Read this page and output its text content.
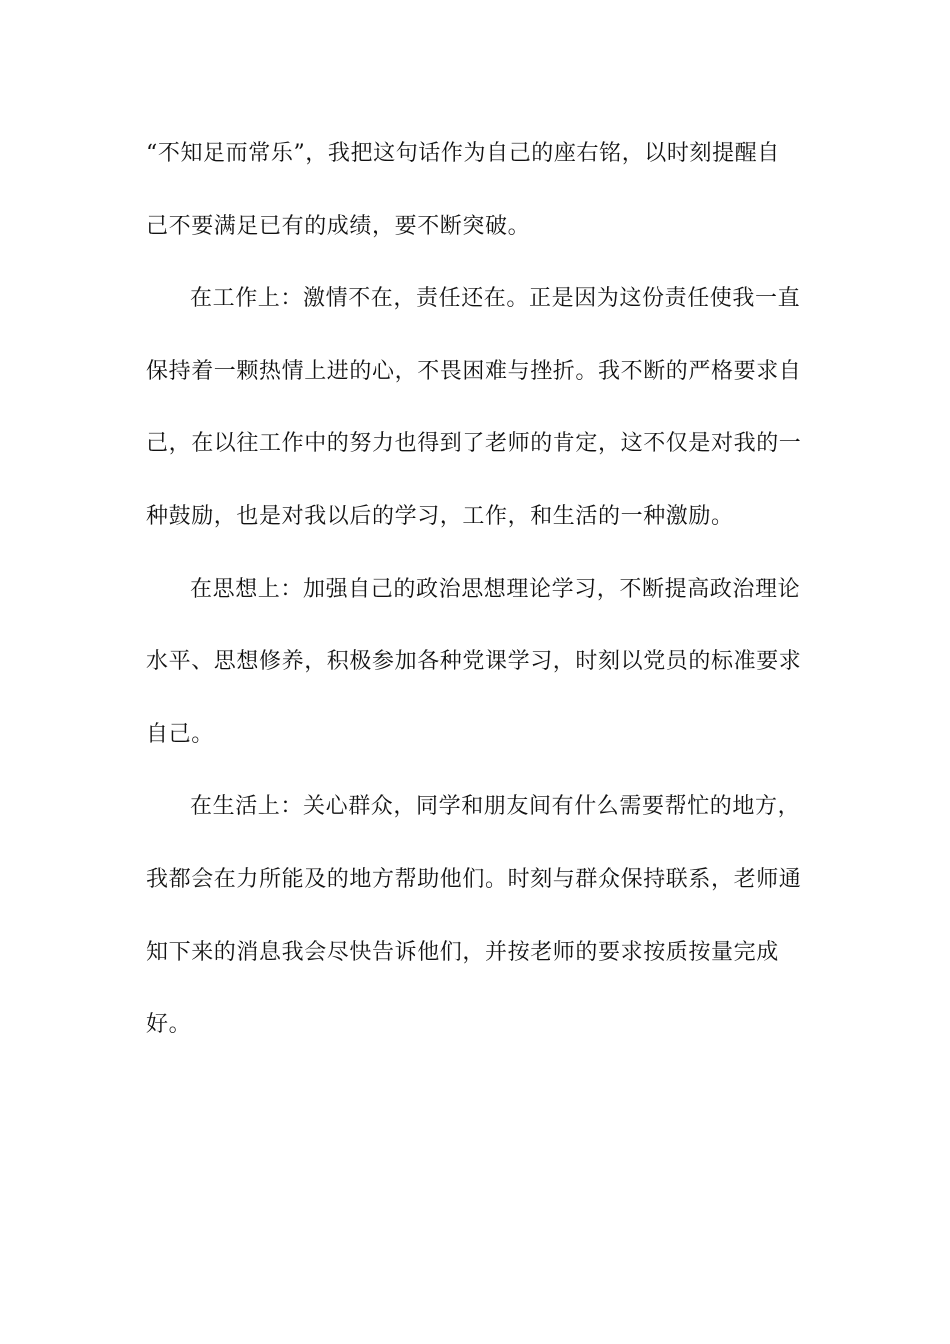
“不知足而常乐”，我把这句话作为自己的座右铭，以时刻提醒自
己不要满足已有的成绩，要不断突破。
在工作上：激情不在，责任还在。正是因为这份责任使我一直
保持着一颗热情上进的心，不畏困难与挫折。我不断的严格要求自
己，在以往工作中的努力也得到了老师的肯定，这不仅是对我的一
种鼓励，也是对我以后的学习，工作，和生活的一种激励。
在思想上：加强自己的政治思想理论学习，不断提高政治理论
水平、思想修养，积极参加各种党课学习，时刻以党员的标准要求
自己。
在生活上：关心群众，同学和朋友间有什么需要帮忙的地方，
我都会在力所能及的地方帮助他们。时刻与群众保持联系，老师通
知下来的消息我会尽快告诉他们，并按老师的要求按质按量完成
好。
